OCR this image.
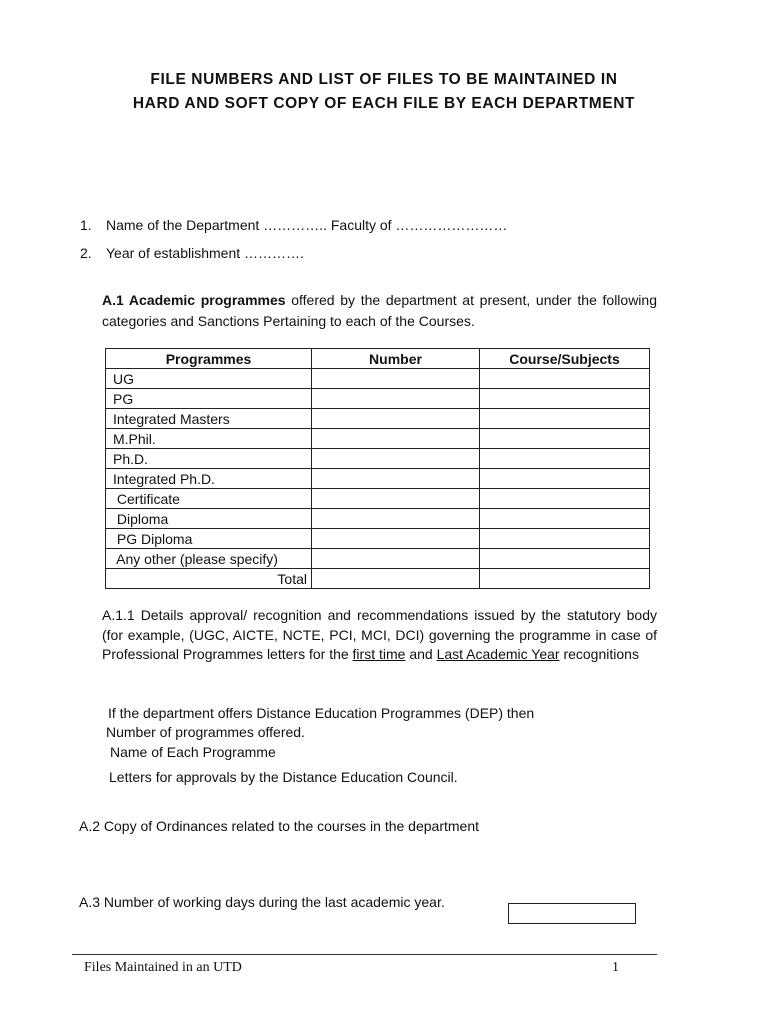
FILE NUMBERS AND LIST OF FILES TO BE MAINTAINED IN
HARD AND SOFT COPY OF EACH FILE BY EACH DEPARTMENT
1. Name of the Department ………….. Faculty of ……………………
2. Year of establishment ………….
A.1 Academic programmes offered by the department at present, under the following categories and Sanctions Pertaining to each of the Courses.
Programmes	Number	Course/Subjects
UG		
PG		
Integrated Masters		
M.Phil.		
Ph.D.		
Integrated Ph.D.		
Certificate		
Diploma		
PG Diploma		
Any other (please specify)		
Total		
A.1.1 Details approval/ recognition and recommendations issued by the statutory body (for example, (UGC, AICTE, NCTE, PCI, MCI, DCI) governing the programme in case of Professional Programmes letters for the first time and Last Academic Year recognitions
If the department offers Distance Education Programmes (DEP) then
Number of programmes offered.
Name of Each Programme
Letters for approvals by the Distance Education Council.
A.2 Copy of Ordinances related to the courses in the department
A.3 Number of working days during the last academic year.
Files Maintained in an UTD	1
